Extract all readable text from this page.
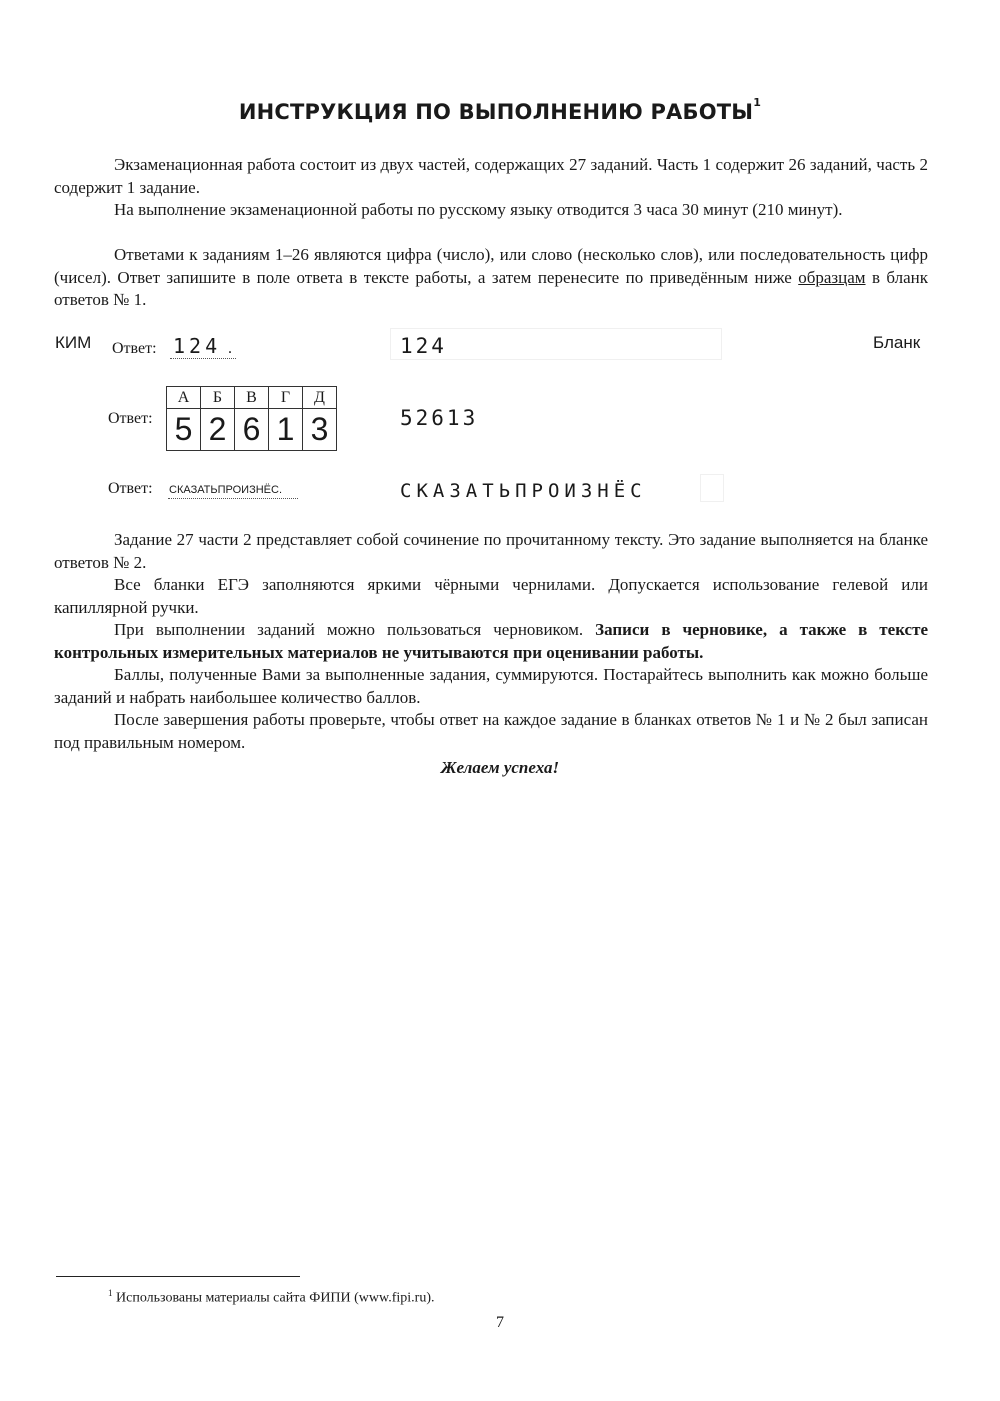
ИНСТРУКЦИЯ ПО ВЫПОЛНЕНИЮ РАБОТЫ$^1$

Экзаменационная работа состоит из двух частей, содержащих 27 заданий. Часть 1 содержит 26 заданий, часть 2 содержит 1 задание.

На выполнение экзаменационной работы по русскому языку отводится 3 часа 30 минут (210 минут).

Ответами к заданиям 1–26 являются цифра (число), или слово (несколько слов), или последовательность цифр (чисел). Ответ запишите в поле ответа в тексте работы, а затем перенесите по приведённым ниже образцам в бланк ответов № 1.

КИМ	Бланк
Ответ: 124 .	124
Ответ:
А	Б	В	Г	Д
5	2	6	1	3	52613
Ответ: СКАЗАТЬПРОИЗНЁС.	СКАЗАТЬПРОИЗНЁС

Задание 27 части 2 представляет собой сочинение по прочитанному тексту. Это задание выполняется на бланке ответов № 2.

Все бланки ЕГЭ заполняются яркими чёрными чернилами. Допускается использование гелевой или капиллярной ручки.

При выполнении заданий можно пользоваться черновиком. Записи в черновике, а также в тексте контрольных измерительных материалов не учитываются при оценивании работы.

Баллы, полученные Вами за выполненные задания, суммируются. Постарайтесь выполнить как можно больше заданий и набрать наибольшее количество баллов.

После завершения работы проверьте, чтобы ответ на каждое задание в бланках ответов № 1 и № 2 был записан под правильным номером.

Желаем успеха!
$^1$ Использованы материалы сайта ФИПИ (www.fipi.ru).
7
